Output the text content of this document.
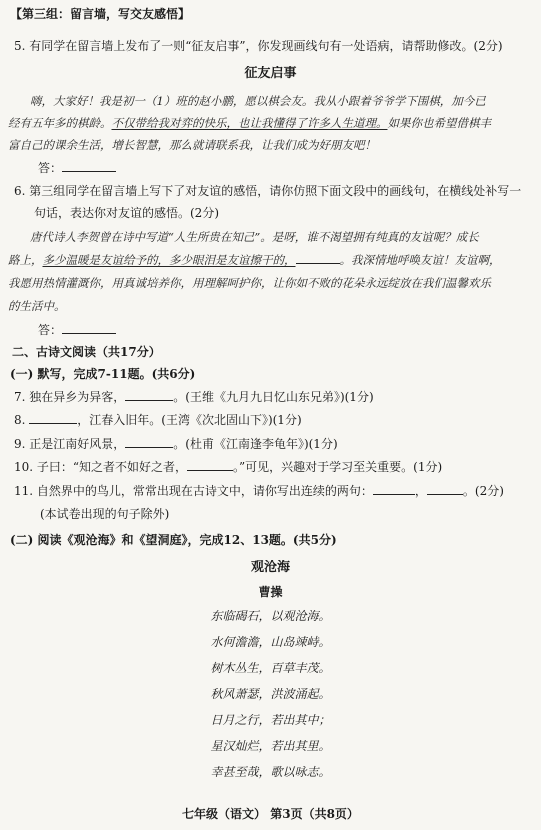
【第三组：留言墙，写交友感悟】
5. 有同学在留言墙上发布了一则“征友启事”，你发现画线句有一处语病，请帮助修改。(2分)
征友启事
嗨，大家好！我是初一（1）班的赵小鹏，愿以棋会友。我从小跟着爷爷学下围棋，加今已
经有五年多的棋龄。不仅带给我对弈的快乐，也让我懂得了许多人生道理。如果你也希望借棋丰
富自己的课余生活，增长智慧，那么就请联系我，让我们成为好朋友吧！
答：
6. 第三组同学在留言墙上写下了对友谊的感悟，请你仿照下面文段中的画线句，在横线处补写一
句话，表达你对友谊的感悟。(2分)
唐代诗人李贺曾在诗中写道“人生所贵在知己”。是呀，谁不渴望拥有纯真的友谊呢？成长
路上，多少温暖是友谊给予的，多少眼泪是友谊擦干的，	。我深情地呼唤友谊！友谊啊，
我愿用热情灌溉你，用真诚培养你，用理解呵护你，让你如不败的花朵永远绽放在我们温馨欢乐
的生活中。
答：
二、古诗文阅读（共17分）
(一) 默写，完成7-11题。(共6分)
7. 独在异乡为异客，	。(王维《九月九日忆山东兄弟》)(1分)
8.	，江春入旧年。(王湾《次北固山下》)(1分)
9. 正是江南好风景，	。(杜甫《江南逢李龟年》)(1分)
10. 子曰：“知之者不如好之者，	。”可见，兴趣对于学习至关重要。(1分)
11. 自然界中的鸟儿，常常出现在古诗文中，请你写出连续的两句：	，	。(2分)
(本试卷出现的句子除外)
(二) 阅读《观沧海》和《望洞庭》，完成12、13题。(共5分)
观沧海
曹操
东临碣石，以观沧海。
水何澹澹，山岛竦峙。
树木丛生，百草丰茂。
秋风萧瑟，洪波涌起。
日月之行，若出其中；
星汉灿烂，若出其里。
幸甚至哉，歌以咏志。
七年级（语文） 第3页（共8页）
